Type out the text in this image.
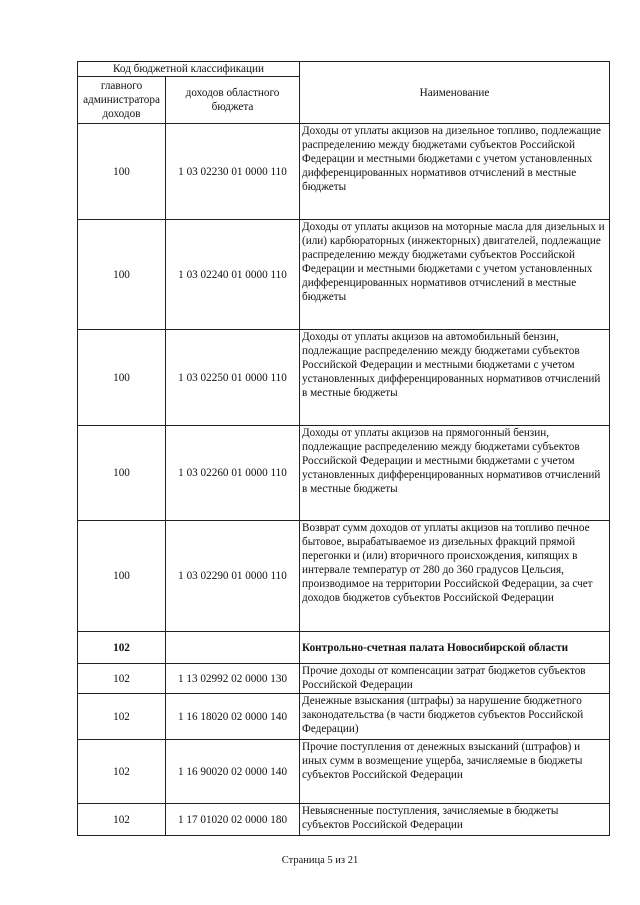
Код бюджетной классификации		Наименование
главного администратора доходов	доходов областного бюджета	
100	1 03 02230 01 0000 110	Доходы от уплаты акцизов на дизельное топливо, подлежащие распределению между бюджетами субъектов Российской Федерации и местными бюджетами с учетом установленных дифференцированных нормативов отчислений в местные бюджеты
100	1 03 02240 01 0000 110	Доходы от уплаты акцизов на моторные масла для дизельных и (или) карбюраторных (инжекторных) двигателей, подлежащие распределению между бюджетами субъектов Российской Федерации и местными бюджетами с учетом установленных дифференцированных нормативов отчислений в местные бюджеты
100	1 03 02250 01 0000 110	Доходы от уплаты акцизов на автомобильный бензин, подлежащие распределению между бюджетами субъектов Российской Федерации и местными бюджетами с учетом установленных дифференцированных нормативов отчислений в местные бюджеты
100	1 03 02260 01 0000 110	Доходы от уплаты акцизов на прямогонный бензин, подлежащие распределению между бюджетами субъектов Российской Федерации и местными бюджетами с учетом установленных дифференцированных нормативов отчислений в местные бюджеты
100	1 03 02290 01 0000 110	Возврат сумм доходов от уплаты акцизов на топливо печное бытовое, вырабатываемое из дизельных фракций прямой перегонки и (или) вторичного происхождения, кипящих в интервале температур от 280 до 360 градусов Цельсия, производимое на территории Российской Федерации, за счет доходов бюджетов субъектов Российской Федерации
102		Контрольно-счетная палата Новосибирской области
102	1 13 02992 02 0000 130	Прочие доходы от компенсации затрат бюджетов субъектов Российской Федерации
102	1 16 18020 02 0000 140	Денежные взыскания (штрафы) за нарушение бюджетного законодательства (в части бюджетов субъектов Российской Федерации)
102	1 16 90020 02 0000 140	Прочие поступления от денежных взысканий (штрафов) и иных сумм в возмещение ущерба, зачисляемые в бюджеты субъектов Российской Федерации
102	1 17 01020 02 0000 180	Невыясненные поступления, зачисляемые в бюджеты субъектов Российской Федерации
Страница 5 из 21
